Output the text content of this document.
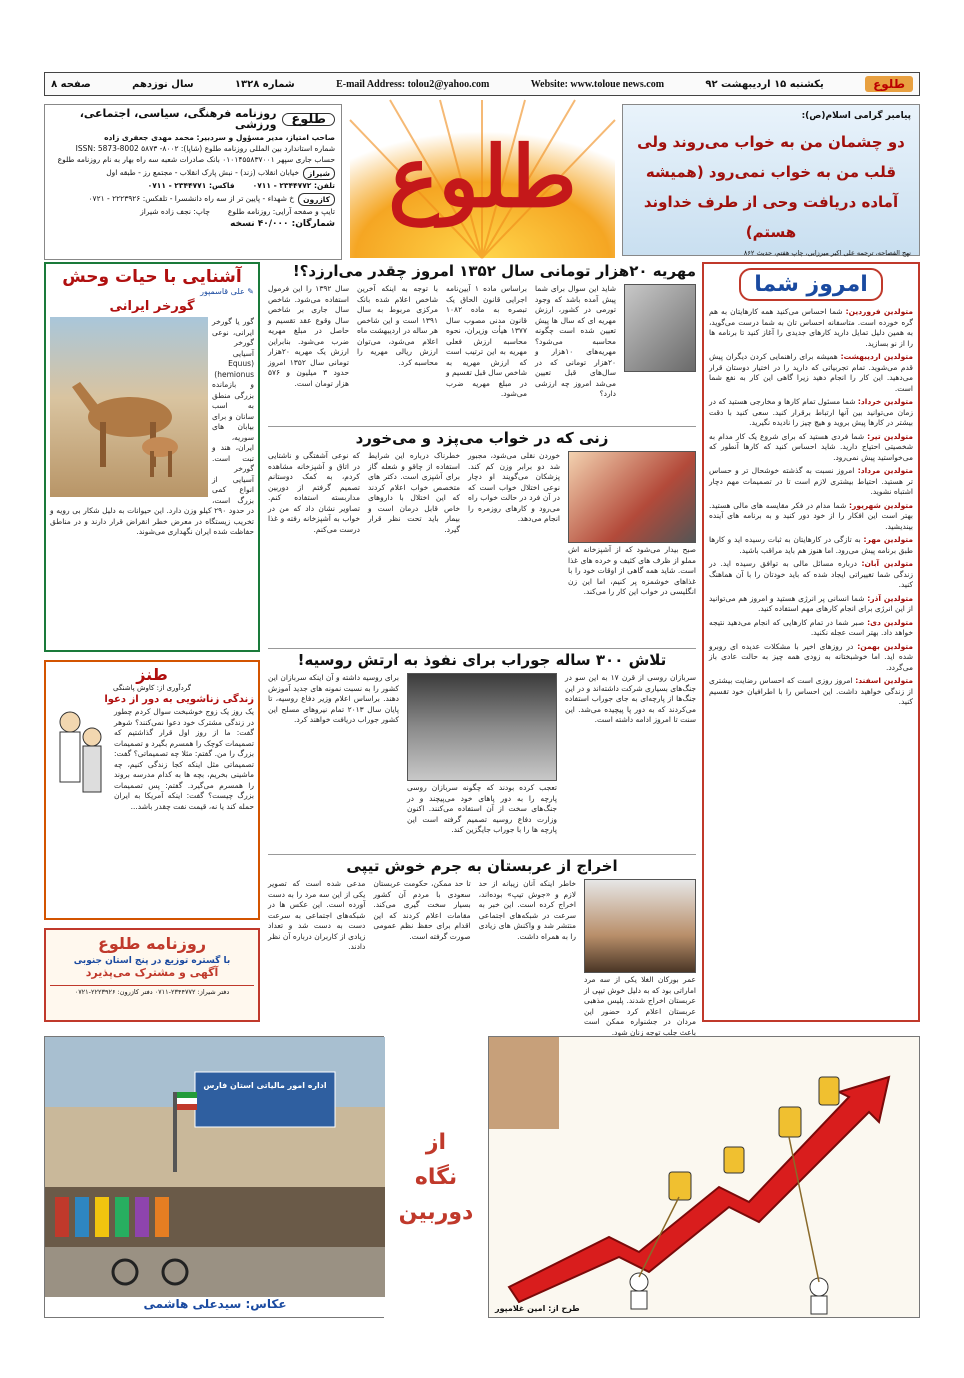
طلوع
یکشنبه ۱۵ اردیبهشت ۹۲
Website: www.toloue news.com
E-mail Address: tolou2@yahoo.com
شماره ۱۳۲۸
سال نوزدهم
صفحه ۸
پیامبر گرامی اسلام(ص):
دو چشمان من به خواب می‌روند ولی قلب من به خواب نمی‌رود (همیشه آماده دریافت وحی از طرف خداوند هستم)
نهج الفصاحه، ترجمه علی اکبر میرزایی، چاپ هفتم، حدیث ۸۶۲
طلوع
طلوع
روزنامه فرهنگی، سیاسی، اجتماعی، ورزشی
صاحب امتیاز، مدیر مسؤول و سردبیر: محمد مهدی جعفری زاده
شماره استاندارد بین المللی روزنامه طلوع (شاپا): ۸۰۰۲- ۵۸۷۳ ISSN: 5873-8002
حساب جاری سپهر ۰۱۰۱۴۵۵۸۳۷۰۰۱ بانک صادرات شعبه سه راه بهار به نام روزنامه طلوع
شیراز
خیابان انقلاب (زند) - نبش پارک انقلاب - مجتمع رز - طبقه اول
تلفن: ۲۳۴۴۷۷۲ - ۰۷۱۱
فاکس: ۲۳۴۴۷۷۱ - ۰۷۱۱
کازرون
خ شهداء - پایین تر از سه راه دانشسرا - تلفکس: ۲۲۲۳۹۲۶ - ۰۷۲۱
تایپ و صفحه آرایی: روزنامه طلوع
چاپ: نجف زاده شیراز
شمارگان: ۴۰/۰۰۰ نسخه
امروز شما

متولدین فروردین: شما احساس می‌کنید همه کارهایتان به هم گره خورده است. متاسفانه احساس تان به شما درست می‌گوید، به همین دلیل تمایل دارید کارهای جدیدی را آغاز کنید تا برنامه ها را از نو بسازید.

متولدین اردیبهشت: همیشه برای راهنمایی کردن دیگران پیش قدم می‌شوید. تمام تجربیاتی که دارید را در اختیار دوستان قرار می‌دهید. این کار را انجام دهید زیرا گاهی این کار به نفع شما است.

متولدین خرداد: شما مسئول تمام کارها و مخارجی هستید که در زمان می‌توانید بین آنها ارتباط برقرار کنید. سعی کنید با دقت بیشتر در کارها پیش بروید و هیچ چیز را نادیده نگیرید.

متولدین تیر: شما فردی هستید که برای شروع یک کار مدام به شخصیتی احتیاج دارید. شاید احساس کنید که کارها آنطور که می‌خواستید پیش نمی‌رود.

متولدین مرداد: امروز نسبت به گذشته خوشحال تر و حساس تر هستید. احتیاط بیشتری لازم است تا در تصمیمات مهم دچار اشتباه نشوید.

متولدین شهریور: شما مدام در فکر مقایسه های مالی هستید. بهتر است این افکار را از خود دور کنید و به برنامه های آینده بیندیشید.

متولدین مهر: به تازگی در کارهایتان به ثبات رسیده اید و کارها طبق برنامه پیش می‌رود. اما هنوز هم باید مراقب باشید.

متولدین آبان: درباره مسائل مالی به توافق رسیده اید. در زندگی شما تغییراتی ایجاد شده که باید خودتان را با آن هماهنگ کنید.

متولدین آذر: شما انسانی پر انرژی هستید و امروز هم می‌توانید از این انرژی برای انجام کارهای مهم استفاده کنید.

متولدین دی: صبر شما در تمام کارهایی که انجام می‌دهید نتیجه خواهد داد. بهتر است عجله نکنید.

متولدین بهمن: در روزهای اخیر با مشکلات عدیده ای روبرو شده اید. اما خوشبختانه به زودی همه چیز به حالت عادی باز می‌گردد.

متولدین اسفند: امروز روزی است که احساس رضایت بیشتری از زندگی خواهید داشت. این احساس را با اطرافیان خود تقسیم کنید.

آشنایی با حیات وحش
✎ علی قاسمپور
گورخر ایرانی

گور یا گورخر ایرانی، نوعی گورخر آسیایی (Equus hemionus) و بازمانده بزرگی منطق به اسب سانان و برای بیابان های سوریه، ایران، هند و تبت است. گورخر آسیایی از انواع کمی بزرگ است، در حدود ۲۹۰ کیلو وزن دارد. این حیوانات به دلیل شکار بی رویه و تخریب زیستگاه در معرض خطر انقراض قرار دارند و در مناطق حفاظت شده ایران نگهداری می‌شوند.

طنز
گردآوری از: کاوش پاشنگی
زندگی زناشویی به دور از دعوا

یک روز یک زوج خوشبخت سوال کردم چطور در زندگی مشترک خود دعوا نمی‌کنند؟ شوهر گفت: ما از روز اول قرار گذاشتیم که تصمیمات کوچک را همسرم بگیرد و تصمیمات بزرگ را من. گفتم: مثلا چه تصمیماتی؟ گفت: تصمیماتی مثل اینکه کجا زندگی کنیم، چه ماشینی بخریم، بچه ها به کدام مدرسه بروند را همسرم می‌گیرد. گفتم: پس تصمیمات بزرگ چیست؟ گفت: اینکه آمریکا به ایران حمله کند یا نه، قیمت نفت چقدر باشد...

روزنامه طلوع
با گستره توزیع در پنج استان جنوبی
آگهی و مشترک می‌پذیرد
دفتر شیراز: ۲۳۴۴۷۷۲-۰۷۱۱ دفتر کازرون: ۲۲۲۳۹۲۶-۰۷۲۱
مهریه ۲۰هزار تومانی سال ۱۳۵۲ امروز چقدر می‌ارزد؟!

شاید این سوال برای شما پیش آمده باشد که وجود تورمی در کشور، ارزش مهریه ای که سال ها پیش تعیین شده است چگونه محاسبه می‌شود؟ مهریه‌های ۱۰هزار و ۲۰هزار تومانی که در سال‌های قبل تعیین می‌شد امروز چه ارزشی دارد؟

براساس ماده ۱ آیین‌نامه اجرایی قانون الحاق یک تبصره به ماده ۱۰۸۲ قانون مدنی مصوب سال ۱۳۷۷ هیأت وزیران، نحوه محاسبه ارزش فعلی مهریه به این ترتیب است که ارزش مهریه به شاخص سال قبل تقسیم و در مبلغ مهریه ضرب می‌شود.

با توجه به اینکه آخرین شاخص اعلام شده بانک مرکزی مربوط به سال ۱۳۹۱ است و این شاخص هر ساله در اردیبهشت ماه اعلام می‌شود، می‌توان ارزش ریالی مهریه را محاسبه کرد.

سال ۱۳۹۲ را این فرمول استفاده می‌شود. شاخص سال جاری بر شاخص سال وقوع عقد تقسیم و حاصل در مبلغ مهریه ضرب می‌شود. بنابراین ارزش یک مهریه ۲۰هزار تومانی سال ۱۳۵۲ امروز حدود ۳ میلیون و ۵۷۶ هزار تومان است.

زنی که در خواب می‌پزد و می‌خورد

صبح بیدار می‌شود که از آشپزخانه اش مملو از ظرف های کثیف و خرده های غذا است. شاید همه گاهی از اوقات خود را با غذاهای خوشمزه پر کنیم، اما این زن انگلیسی در خواب این کار را می‌کند.

خوردن نقلی می‌شود، مجبور شد دو برابر وزن کم کند. پزشکان می‌گویند او دچار نوعی اختلال خواب است که در آن فرد در حالت خواب راه می‌رود و کارهای روزمره را انجام می‌دهد.

خطرناک درباره این شرایط استفاده از چاقو و شعله گاز برای آشپزی است. دکتر های متخصص خواب اعلام کردند که این اختلال با داروهای خاص قابل درمان است و بیمار باید تحت نظر قرار گیرد.

که نوعی آشفتگی و ناشتایی در اتاق و آشپزخانه مشاهده کردم، به کمک دوستانم تصمیم گرفتم از دوربین مداربسته استفاده کنم. تصاویر نشان داد که من در خواب به آشپزخانه رفته و غذا درست می‌کنم.

تلاش ۳۰۰ ساله جوراب برای نفوذ به ارتش روسیه!

سربازان روسی از قرن ۱۷ به این سو در جنگ‌های بسیاری شرکت داشته‌اند و در این جنگ‌ها از پارچه‌ای به جای جوراب استفاده می‌کردند که به دور پا پیچیده می‌شد. این سنت تا امروز ادامه داشته است.

تعجب کرده بودند که چگونه سربازان روسی پارچه را به دور پاهای خود می‌پیچند و در جنگ‌های سخت از آن استفاده می‌کنند. اکنون وزارت دفاع روسیه تصمیم گرفته است این پارچه ها را با جوراب جایگزین کند.

برای روسیه داشته و آن اینکه سربازان این کشور را به نسبت نمونه های جدید آموزش دهند. براساس اعلام وزیر دفاع روسیه، تا پایان سال ۲۰۱۳ تمام نیروهای مسلح این کشور جوراب دریافت خواهند کرد.

اخراج از عربستان به جرم خوش تیپی

عمر بورکان الغلا یکی از سه مرد اماراتی بود که به دلیل خوش تیپی از عربستان اخراج شدند. پلیس مذهبی عربستان اعلام کرد حضور این مردان در جشنواره ممکن است باعث جلب توجه زنان شود.

خاطر اینکه آنان زیبانه از حد لازم و «جوش تیپ» بوده‌اند، اخراج کرده است. این خبر به سرعت در شبکه‌های اجتماعی منتشر شد و واکنش های زیادی را به همراه داشت.

تا حد ممکن، حکومت عربستان سعودی با مردم آن کشور بسیار سخت گیری می‌کند. مقامات اعلام کردند که این اقدام برای حفظ نظم عمومی صورت گرفته است.

مدعی شده است که تصویر یکی از این سه مرد را به دست آورده است. این عکس ها در شبکه‌های اجتماعی به سرعت دست به دست شد و تعداد زیادی از کاربران درباره آن نظر دادند.

طرح از: امین غلامپور
از
نگاه
دوربین
اداره امور مالیاتی استان فارس
عکاس: سیدعلی هاشمی
